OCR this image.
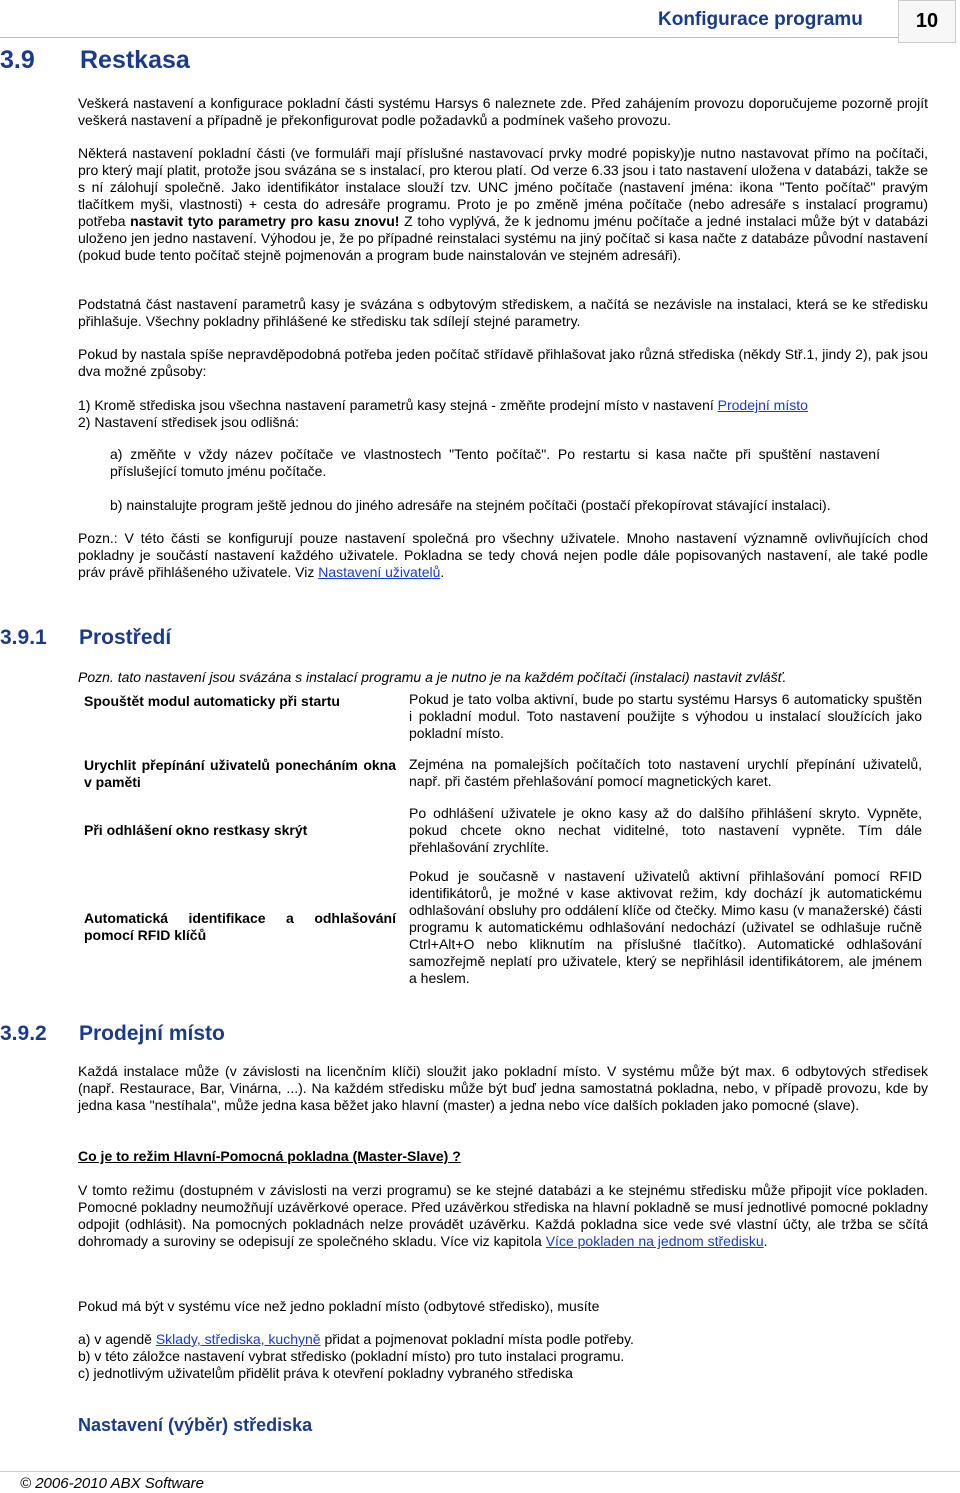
Konfigurace programu	10
3.9 Restkasa
Veškerá nastavení a konfigurace pokladní části systému Harsys 6 naleznete zde. Před zahájením provozu doporučujeme pozorně projít veškerá nastavení a případně je překonfigurovat podle požadavků a podmínek vašeho provozu.
Některá nastavení pokladní části (ve formuláři mají příslušné nastavovací prvky modré popisky)je nutno nastavovat přímo na počítači, pro který mají platit, protože jsou svázána se s instalací, pro kterou platí. Od verze 6.33 jsou i tato nastavení uložena v databázi, takže se s ní zálohují společně. Jako identifikátor instalace slouží tzv. UNC jméno počítače (nastavení jména: ikona "Tento počítač" pravým tlačítkem myši, vlastnosti) + cesta do adresáře programu. Proto je po změně jména počítače (nebo adresáře s instalací programu) potřeba nastavit tyto parametry pro kasu znovu! Z toho vyplývá, že k jednomu jménu počítače a jedné instalaci může být v databázi uloženo jen jedno nastavení. Výhodou je, že po případné reinstalaci systému na jiný počítač si kasa načte z databáze původní nastavení (pokud bude tento počítač stejně pojmenován a program bude nainstalován ve stejném adresáři).
Podstatná část nastavení parametrů kasy je svázána s odbytovým střediskem, a načítá se nezávisle na instalaci, která se ke středisku přihlašuje. Všechny pokladny přihlášené ke středisku tak sdílejí stejné parametry.
Pokud by nastala spíše nepravděpodobná potřeba jeden počítač střídavě přihlašovat jako různá střediska (někdy Stř.1, jindy 2), pak jsou dva možné způsoby:
1) Kromě střediska jsou všechna nastavení parametrů kasy stejná - změňte prodejní místo v nastavení Prodejní místo
2) Nastavení středisek jsou odlišná:
a) změňte v vždy název počítače ve vlastnostech "Tento počítač". Po restartu si kasa načte při spuštění nastavení příslušející tomuto jménu počítače.
b) nainstalujte program ještě jednou do jiného adresáře na stejném počítači (postačí překopírovat stávající instalaci).
Pozn.: V této části se konfigurují pouze nastavení společná pro všechny uživatele. Mnoho nastavení významně ovlivňujících chod pokladny je součástí nastavení každého uživatele. Pokladna se tedy chová nejen podle dále popisovaných nastavení, ale také podle práv právě přihlášeného uživatele. Viz Nastavení uživatelů.
3.9.1 Prostředí
Pozn. tato nastavení jsou svázána s instalací programu a je nutno je na každém počítači (instalaci) nastavit zvlášť.
Spouštět modul automaticky při startu	Pokud je tato volba aktivní, bude po startu systému Harsys 6 automaticky spuštěn i pokladní modul. Toto nastavení použijte s výhodou u instalací sloužících jako pokladní místo.
Urychlit přepínání uživatelů ponecháním okna v paměti
Zejména na pomalejších počítačích toto nastavení urychlí přepínání uživatelů, např. při častém přehlašování pomocí magnetických karet.
Při odhlášení okno restkasy skrýt
Po odhlášení uživatele je okno kasy až do dalšího přihlášení skryto. Vypněte, pokud chcete okno nechat viditelné, toto nastavení vypněte. Tím dále přehlašování zrychlíte.
Automatická identifikace a odhlašování pomocí RFID klíčů
Pokud je současně v nastavení uživatelů aktivní přihlašování pomocí RFID identifikátorů, je možné v kase aktivovat režim, kdy dochází jk automatickému odhlašování obsluhy pro oddálení klíče od čtečky. Mimo kasu (v manažerské) části programu k automatickému odhlašování nedochází (uživatel se odhlašuje ručně Ctrl+Alt+O nebo kliknutím na příslušné tlačítko). Automatické odhlašování samozřejmě neplatí pro uživatele, který se nepřihlásil identifikátorem, ale jménem a heslem.
3.9.2 Prodejní místo
Každá instalace může (v závislosti na licenčním klíči) sloužit jako pokladní místo. V systému může být max. 6 odbytových středisek (např. Restaurace, Bar, Vinárna, ...). Na každém středisku může být buď jedna samostatná pokladna, nebo, v případě provozu, kde by jedna kasa "nestíhala", může jedna kasa běžet jako hlavní (master) a jedna nebo více dalších pokladen jako pomocné (slave).
Co je to režim Hlavní-Pomocná pokladna (Master-Slave) ?
V tomto režimu (dostupném v závislosti na verzi programu) se ke stejné databázi a ke stejnému středisku může připojit více pokladen. Pomocné pokladny neumožňují uzávěrkové operace. Před uzávěrkou střediska na hlavní pokladně se musí jednotlivé pomocné pokladny odpojit (odhlásit). Na pomocných pokladnách nelze provádět uzávěrku. Každá pokladna sice vede své vlastní účty, ale tržba se sčítá dohromady a suroviny se odepisují ze společného skladu. Více viz kapitola Více pokladen na jednom středisku.
Pokud má být v systému více než jedno pokladní místo (odbytové středisko), musíte
a) v agendě Sklady, střediska, kuchyně přidat a pojmenovat pokladní místa podle potřeby.
b) v této záložce nastavení vybrat středisko (pokladní místo) pro tuto instalaci programu.
c) jednotlivým uživatelům přidělit práva k otevření pokladny vybraného střediska
Nastavení (výběr) střediska
© 2006-2010 ABX Software
